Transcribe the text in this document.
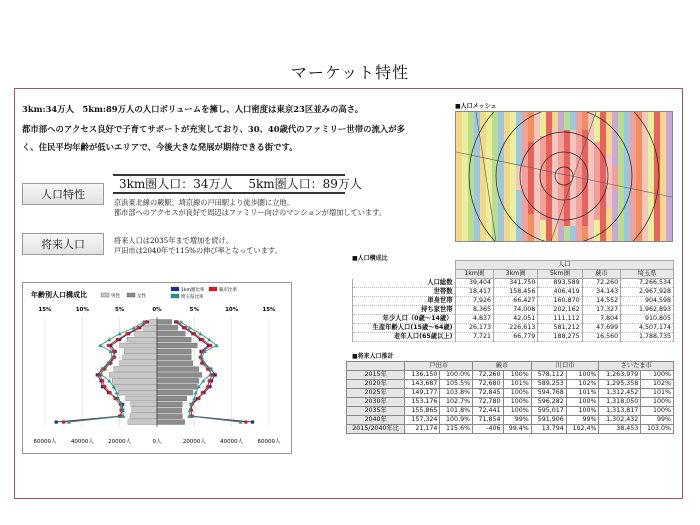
マーケット特性
3km:34万人　5km:89万人の人口ボリュームを擁し、人口密度は東京23区並みの高さ。
都市部へのアクセス良好で子育てサポートが充実しており、30、40歳代のファミリー世帯の流入が多
く、住民平均年齢が低いエリアで、今後大きな発展が期待できる街です。
人口特性
3km圏人口：34万人　 5km圏人口：89万人
京浜東北線の蕨駅、埼京線の戸田駅より徒歩圏に立地。
都市部へのアクセスが良好で周辺はファミリー向けのマンションが増加しています。
将来人口	将来人口は2035年まで増加を続け、
戸田市は2040年で115%の伸び率となっています。
■人口メッシュ
■人口構成比
	人口				
	1km圏	3km圏	5km圏	蕨市	埼玉県
人口総数	39,404	341,750	893,589	72,260	7,266,534
世帯数	18,417	158,456	406,419	34,143	2,967,928
単身世帯	7,926	66,427	160,870	14,552	904,598
持ち家世帯	8,365	74,008	202,162	17,327	1,962,893
年少人口（0歳～14歳）	4,837	42,051	111,112	7,804	910,805
生産年齢人口(15歳～64歳)	26,173	226,613	581,212	47,699	4,507,174
老年人口(65歳以上)	7,721	66,779	188,275	16,560	1,788,735
■将来人口推計
	戸田市		蕨市		川口市		さいたま市	
2015年	136,150	100.0%	72,260	100%	578,112	100%	1,263,979	100%
2020年	143,687	105.5%	72,680	101%	589,253	102%	1,295,358	102%
2025年	149,177	103.8%	72,845	100%	594,768	101%	1,312,452	101%
2030年	153,176	102.7%	72,780	100%	596,282	100%	1,318,050	100%
2035年	155,865	101.8%	72,441	100%	595,017	100%	1,313,817	100%
2040年	157,324	100.9%	71,854	99%	591,906	99%	1,302,432	99%
2015/2040年比	21,174	115.6%	-406	99.4%	13,794	102.4%	38,453	103.0%
年齢別人口構成比	男性	女性
1km圏比率	蕨市比率
埼玉県比率
15%	10%	5%	0%	5%	10%	15%
60000人	40000人	20000人	0人	20000人	40000人	60000人
